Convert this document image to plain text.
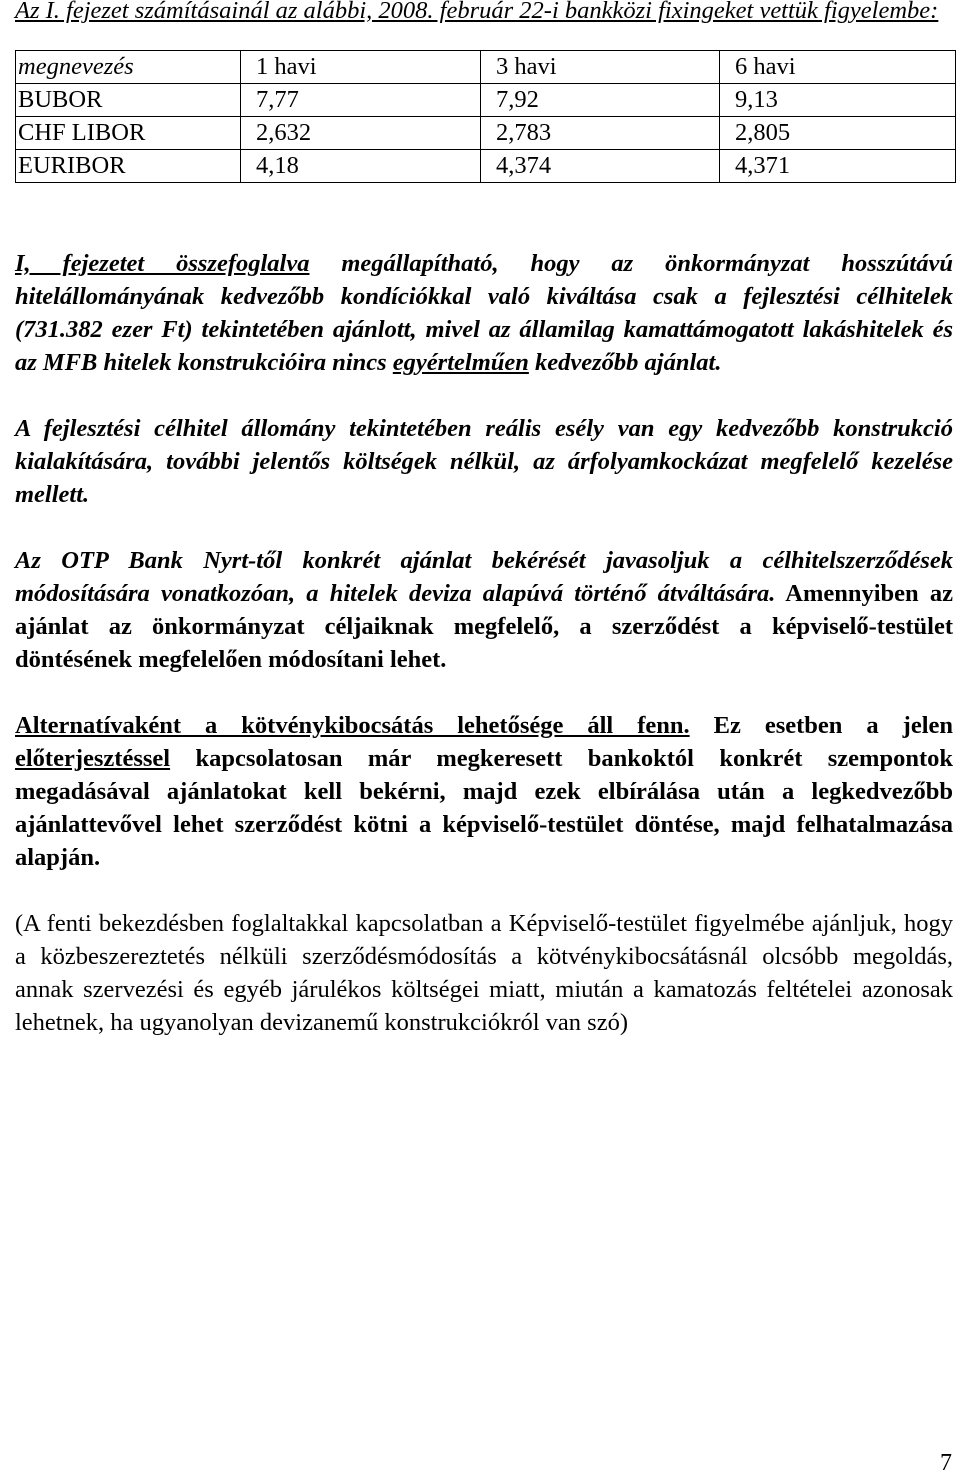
Az I. fejezet számításainál az alábbi, 2008. február 22-i bankközi fixingeket vettük figyelembe:

megnevezés	1 havi	3 havi	6 havi
BUBOR	7,77	7,92	9,13
CHF LIBOR	2,632	2,783	2,805
EURIBOR	4,18	4,374	4,371

I, fejezetet összefoglalva megállapítható, hogy az önkormányzat hosszútávú hitelállományának kedvezőbb kondíciókkal való kiváltása csak a fejlesztési célhitelek (731.382 ezer Ft) tekintetében ajánlott, mivel az államilag kamattámogatott lakáshitelek és az MFB hitelek konstrukcióira nincs egyértelműen kedvezőbb ajánlat.

A fejlesztési célhitel állomány tekintetében reális esély van egy kedvezőbb konstrukció kialakítására, további jelentős költségek nélkül, az árfolyamkockázat megfelelő kezelése mellett.

Az OTP Bank Nyrt-től konkrét ajánlat bekérését javasoljuk a célhitelszerződések módosítására vonatkozóan, a hitelek deviza alapúvá történő átváltására. Amennyiben az ajánlat az önkormányzat céljaiknak megfelelő, a szerződést a képviselő-testület döntésének megfelelően módosítani lehet.

Alternatívaként a kötvénykibocsátás lehetősége áll fenn. Ez esetben a jelen előterjesztéssel kapcsolatosan már megkeresett bankoktól konkrét szempontok megadásával ajánlatokat kell bekérni, majd ezek elbírálása után a legkedvezőbb ajánlattevővel lehet szerződést kötni a képviselő-testület döntése, majd felhatalmazása alapján.

(A fenti bekezdésben foglaltakkal kapcsolatban a Képviselő-testület figyelmébe ajánljuk, hogy a közbeszereztetés nélküli szerződésmódosítás a kötvénykibocsátásnál olcsóbb megoldás, annak szervezési és egyéb járulékos költségei miatt, miután a kamatozás feltételei azonosak lehetnek, ha ugyanolyan devizanemű konstrukciókról van szó)

7
